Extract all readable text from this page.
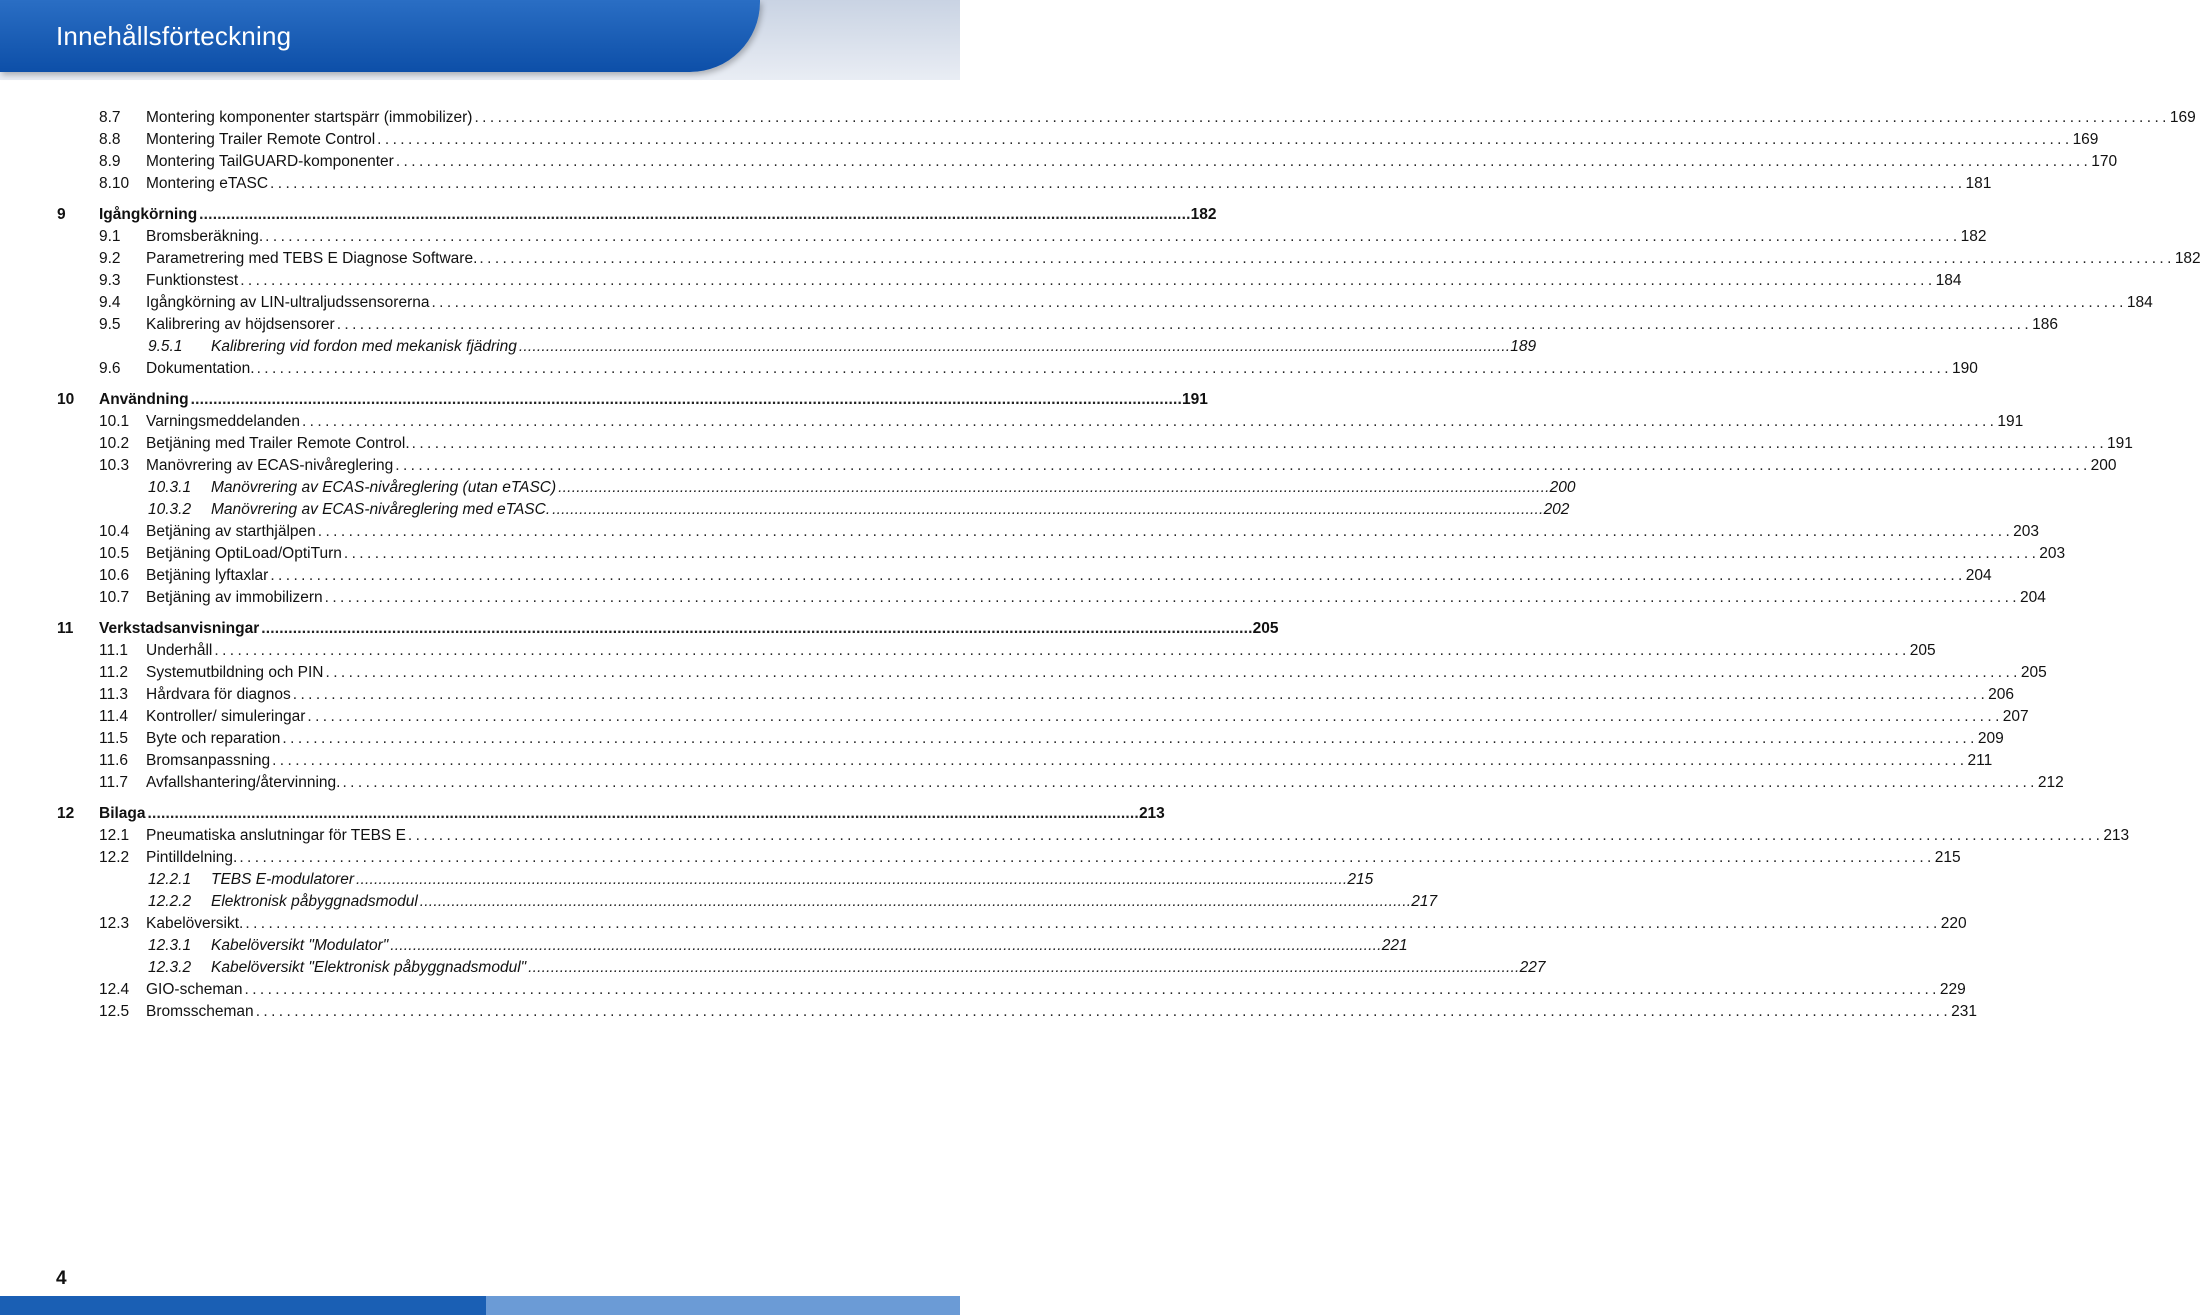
Innehållsförteckning
8.7	Montering komponenter startspärr (immobilizer) ............................................................................................................................................................................................................................ 169
8.8	Montering Trailer Remote Control ............................................................................................................................................................................................................................ 169
8.9	Montering TailGUARD-komponenter ............................................................................................................................................................................................................................ 170
8.10	Montering eTASC ............................................................................................................................................................................................................................ 181
9	Igångkörning ............................................................................................................................................................................................................................ 182
9.1	Bromsberäkning. ............................................................................................................................................................................................................................ 182
9.2	Parametrering med TEBS E Diagnose Software. ............................................................................................................................................................................................................................ 182
9.3	Funktionstest ............................................................................................................................................................................................................................ 184
9.4	Igångkörning av LIN-ultraljudssensorerna ............................................................................................................................................................................................................................ 184
9.5	Kalibrering av höjdsensorer ............................................................................................................................................................................................................................ 186
9.5.1	Kalibrering vid fordon med mekanisk fjädring ............................................................................................................................................................................................................................ 189
9.6	Dokumentation. ............................................................................................................................................................................................................................ 190
10	Användning ............................................................................................................................................................................................................................ 191
10.1	Varningsmeddelanden ............................................................................................................................................................................................................................ 191
10.2	Betjäning med Trailer Remote Control. ............................................................................................................................................................................................................................ 191
10.3	Manövrering av ECAS-nivåreglering ............................................................................................................................................................................................................................ 200
10.3.1	Manövrering av ECAS-nivåreglering (utan eTASC) ............................................................................................................................................................................................................................ 200
10.3.2	Manövrering av ECAS-nivåreglering med eTASC. ............................................................................................................................................................................................................................ 202
10.4	Betjäning av starthjälpen ............................................................................................................................................................................................................................ 203
10.5	Betjäning OptiLoad/OptiTurn ............................................................................................................................................................................................................................ 203
10.6	Betjäning lyftaxlar ............................................................................................................................................................................................................................ 204
10.7	Betjäning av immobilizern ............................................................................................................................................................................................................................ 204
11	Verkstadsanvisningar ............................................................................................................................................................................................................................ 205
11.1	Underhåll ............................................................................................................................................................................................................................ 205
11.2	Systemutbildning och PIN ............................................................................................................................................................................................................................ 205
11.3	Hårdvara för diagnos ............................................................................................................................................................................................................................ 206
11.4	Kontroller/ simuleringar ............................................................................................................................................................................................................................ 207
11.5	Byte och reparation ............................................................................................................................................................................................................................ 209
11.6	Bromsanpassning ............................................................................................................................................................................................................................ 211
11.7	Avfallshantering/återvinning. ............................................................................................................................................................................................................................ 212
12	Bilaga ............................................................................................................................................................................................................................ 213
12.1	Pneumatiska anslutningar för TEBS E ............................................................................................................................................................................................................................ 213
12.2	Pintilldelning. ............................................................................................................................................................................................................................ 215
12.2.1	TEBS E-modulatorer ............................................................................................................................................................................................................................ 215
12.2.2	Elektronisk påbyggnadsmodul ............................................................................................................................................................................................................................ 217
12.3	Kabelöversikt. ............................................................................................................................................................................................................................ 220
12.3.1	Kabelöversikt "Modulator" ............................................................................................................................................................................................................................ 221
12.3.2	Kabelöversikt "Elektronisk påbyggnadsmodul" ............................................................................................................................................................................................................................ 227
12.4	GIO-scheman ............................................................................................................................................................................................................................ 229
12.5	Bromsscheman ............................................................................................................................................................................................................................ 231
4
